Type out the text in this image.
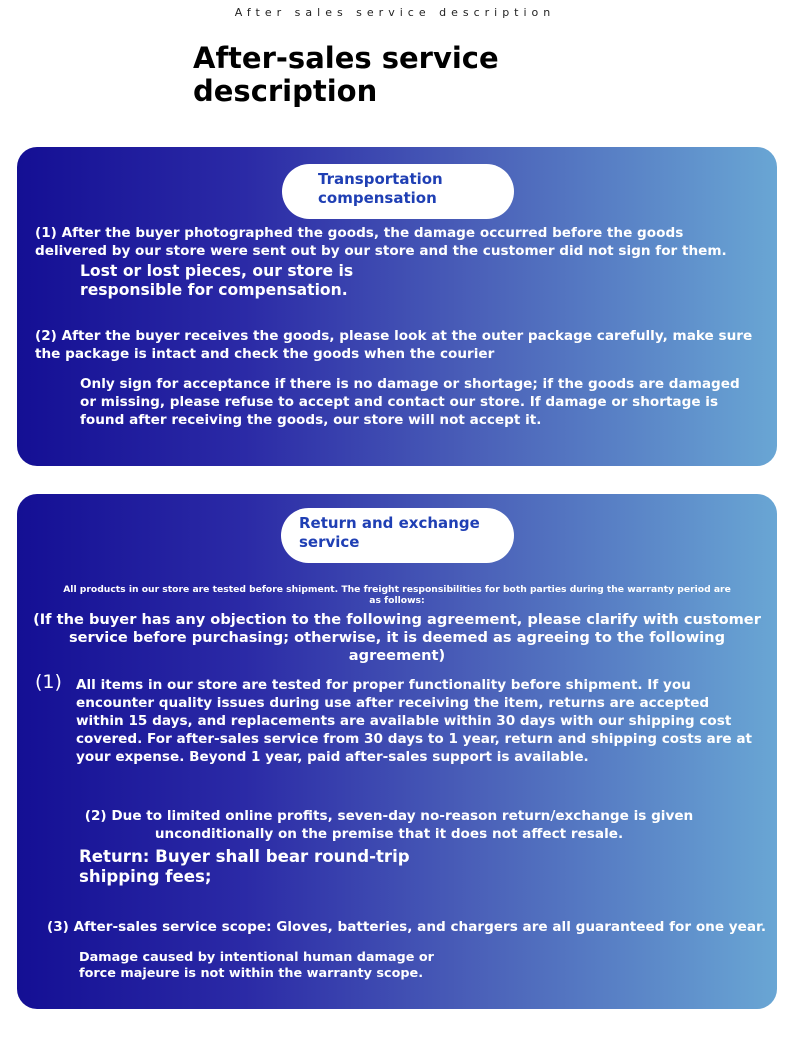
After sales service description
After-sales service description
Transportation compensation

(1) After the buyer photographed the goods, the damage occurred before the goods delivered by our store were sent out by our store and the customer did not sign for them.

Lost or lost pieces, our store is responsible for compensation.

(2) After the buyer receives the goods, please look at the outer package carefully, make sure the package is intact and check the goods when the courier

Only sign for acceptance if there is no damage or shortage; if the goods are damaged or missing, please refuse to accept and contact our store. If damage or shortage is found after receiving the goods, our store will not accept it.

Return and exchange service

All products in our store are tested before shipment. The freight responsibilities for both parties during the warranty period are as follows:

(If the buyer has any objection to the following agreement, please clarify with customer service before purchasing; otherwise, it is deemed as agreeing to the following agreement)

(1) All items in our store are tested for proper functionality before shipment. If you encounter quality issues during use after receiving the item, returns are accepted within 15 days, and replacements are available within 30 days with our shipping cost covered. For after-sales service from 30 days to 1 year, return and shipping costs are at your expense. Beyond 1 year, paid after-sales support is available.

(2) Due to limited online profits, seven-day no-reason return/exchange is given unconditionally on the premise that it does not affect resale.

Return: Buyer shall bear round-trip shipping fees;

(3) After-sales service scope: Gloves, batteries, and chargers are all guaranteed for one year.

Damage caused by intentional human damage or force majeure is not within the warranty scope.
